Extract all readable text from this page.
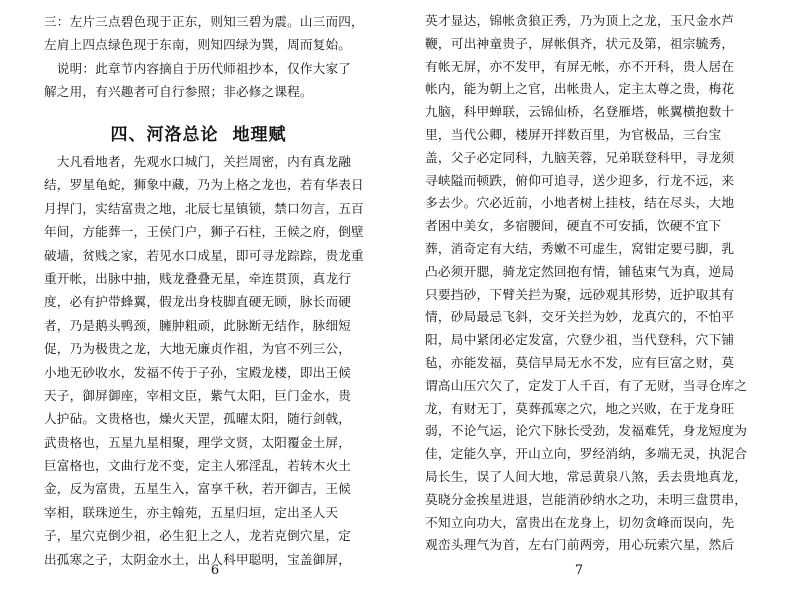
三：左片三点碧色现于正东，则知三碧为震。山三而四，
左肩上四点绿色现于东南，则知四绿为巽，周而复始。
　说明：此章节内容摘自于历代师祖抄本，仅作大家了
解之用，有兴趣者可自行参照；非必修之课程。
四、河洛总论 地理赋
　大凡看地者，先观水口城门，关拦周密，内有真龙融
结，罗星龟蛇，狮象中藏，乃为上格之龙也，若有华表日
月捍门，实结富贵之地，北辰七星镇锁，禁口勿言，五百
年间，方能葬一，王侯门户，狮子石柱，王候之府，倒壁
破墙，贫贱之家，若见水口成星，即可寻龙踪踪，贵龙重
重开帐，出脉中抽，贱龙叠叠无星，牵连贯顶，真龙行
度，必有护带蜂翼，假龙出身枝脚直硬无顾，脉长而硬
者，乃是鹅头鸭颈，臃肿粗顽，此脉断无结作，脉细短
促，乃为极贵之龙，大地无廉贞作祖，为官不列三公，
小地无砂收水，发福不传于子孙，宝殿龙楼，即出王候
天子，御屏御座，宰相文臣，紫气太阳，巨门金水，贵
人护砧。文贵格也，燥火天罡，孤曜太阳，随行剑戟，
武贵格也，五星九星相聚，理学文贤，太阳覆金土屏，
巨富格也，文曲行龙不变，定主人邪淫乱，若转木火土
金，反为富贵，五星生入，富享千秋，若开御吉，王候
宰相，联珠逆生，亦主翰苑，五星归垣，定出圣人天
子，星穴克倒少祖，必生犯上之人，龙若克倒穴星，定
出孤寒之子，太阴金水土，出人科甲聪明，宝盖御屏，
6
英才显达，锦帐贪狼正秀，乃为顶上之龙，玉尺金水芦
鞭，可出神童贵子，屏帐俱齐，状元及第，祖宗毓秀，
有帐无屏，亦不发甲，有屏无帐，亦不开科，贵人居在
帐内，能为朝上之官，出帐贵人，定主太尊之贵，梅花
九脑，科甲蝉联，云锦仙桥，名登雁塔，帐翼横抱数十
里，当代公卿，楼屏开拌数百里，为官极品，三台宝
盖，父子必定同科，九脑芙蓉，兄弟联登科甲，寻龙须
寻峡隘而顿跌，俯仰可追寻，送少迎多，行龙不远，来
多去少。穴必近前，小地者树上挂枝，结在尽头，大地
者困中美女，多宿腰间，硬直不可安插，饮硬不宜下
葬，消奇定有大结，秀嫩不可虚生，窝钳定要弓脚，乳
凸必须开腮，骑龙定然回抱有情，铺毡束气为真，逆局
只要挡砂，下臂关拦为聚，远砂观其形势，近护取其有
情，砂局最忌飞斜，交牙关拦为妙，龙真穴的，不怕平
阳，局中紧闭必定发富，穴登少祖，当代登科，穴下铺
毡，亦能发福，莫信早局无水不发，应有巨富之财，莫
谓高山压穴欠了，定发丁人千百，有了无财，当寻仓库之
龙，有财无丁，莫葬孤寒之穴，地之兴败，在于龙身旺
弱，不论气运，论穴下脉长受劲，发福难凭，身龙短度为
佳，定能久享，开山立向，罗经消纳，多端无灵，执泥合
局长生，误了人间大地，常忌黄泉八煞，丢去贵地真龙，
莫晓分金挨星进退，岂能消砂纳水之功，未明三盘贯串，
不知立向功大，富贵出在龙身上，切勿贪峰而误向，先
观峦头理气为首，左右门前两旁，用心玩索穴星，然后
7
